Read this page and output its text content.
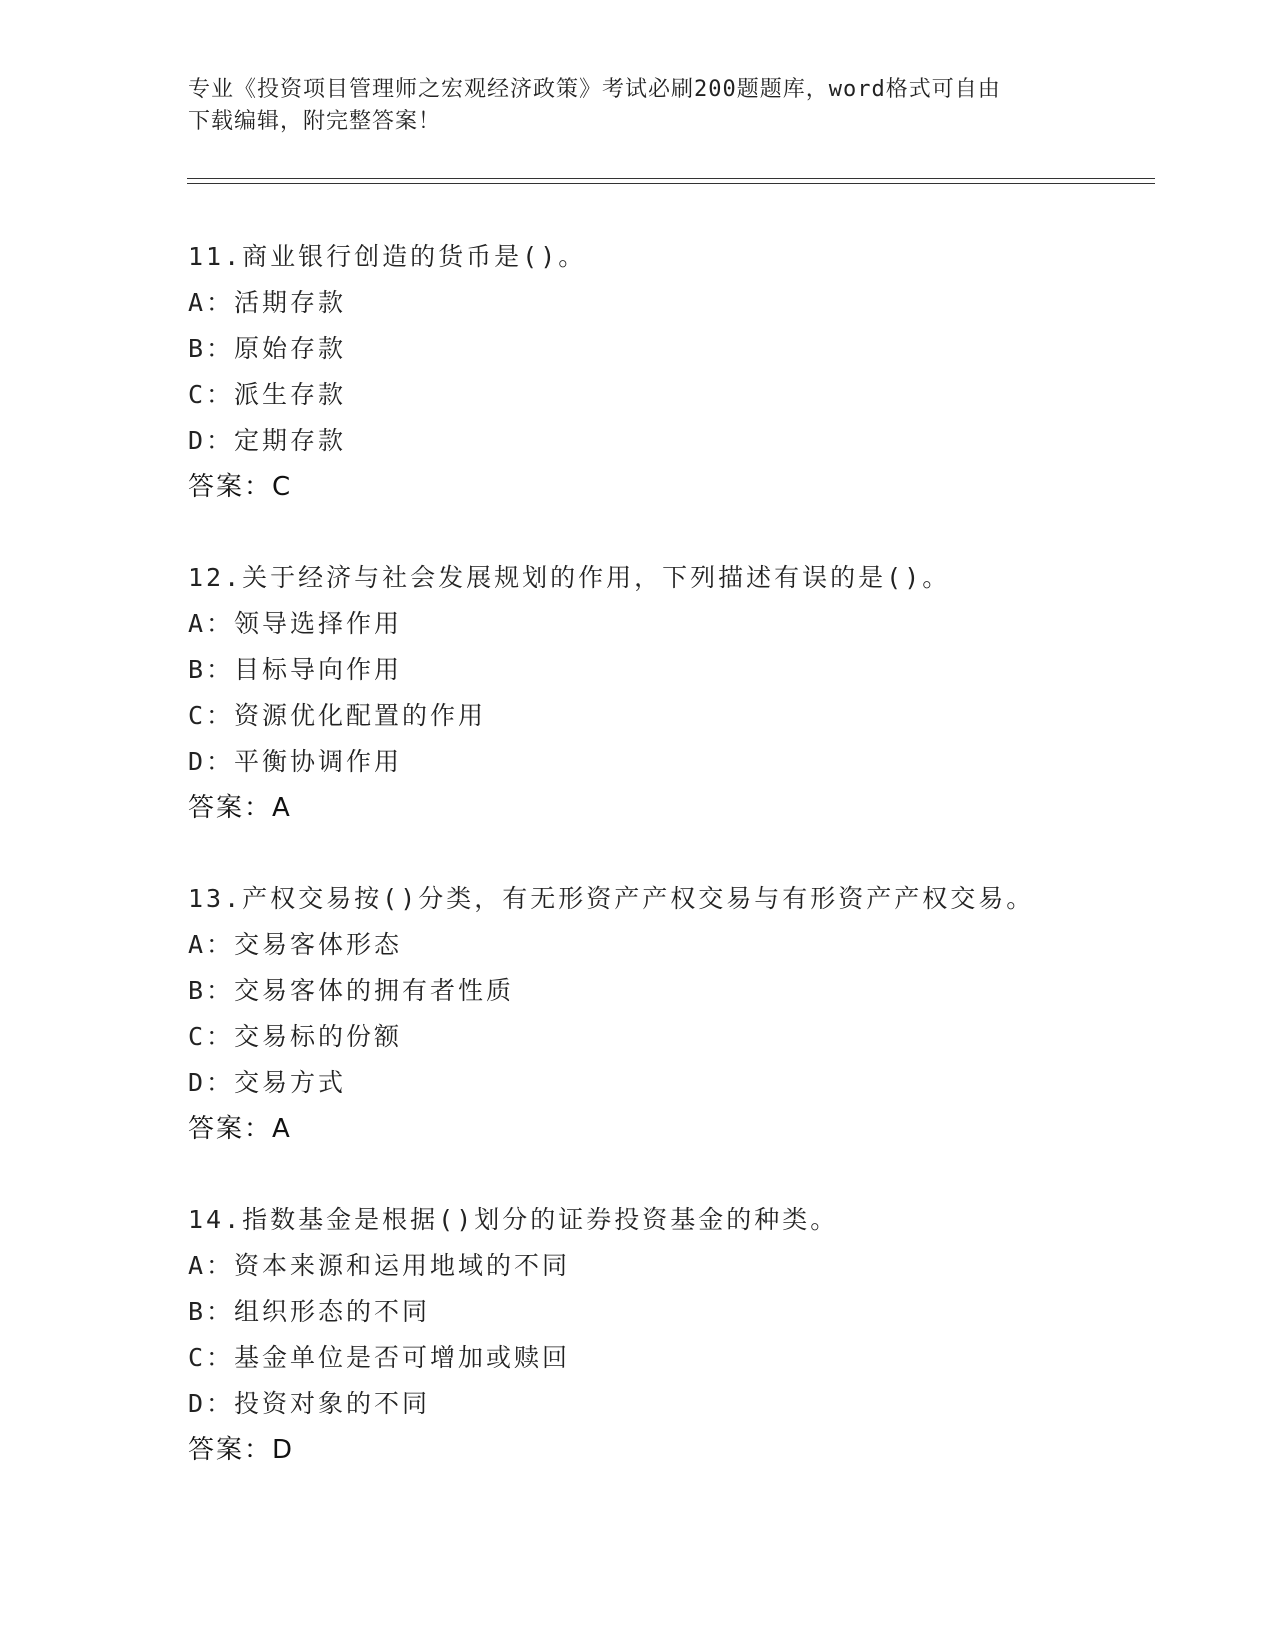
专业《投资项目管理师之宏观经济政策》考试必刷200题题库，word格式可自由
下载编辑，附完整答案！
11.商业银行创造的货币是()。
A：活期存款
B：原始存款
C：派生存款
D：定期存款
答案：C
12.关于经济与社会发展规划的作用，下列描述有误的是()。
A：领导选择作用
B：目标导向作用
C：资源优化配置的作用
D：平衡协调作用
答案：A
13.产权交易按()分类，有无形资产产权交易与有形资产产权交易。
A：交易客体形态
B：交易客体的拥有者性质
C：交易标的份额
D：交易方式
答案：A
14.指数基金是根据()划分的证券投资基金的种类。
A：资本来源和运用地域的不同
B：组织形态的不同
C：基金单位是否可增加或赎回
D：投资对象的不同
答案：D
